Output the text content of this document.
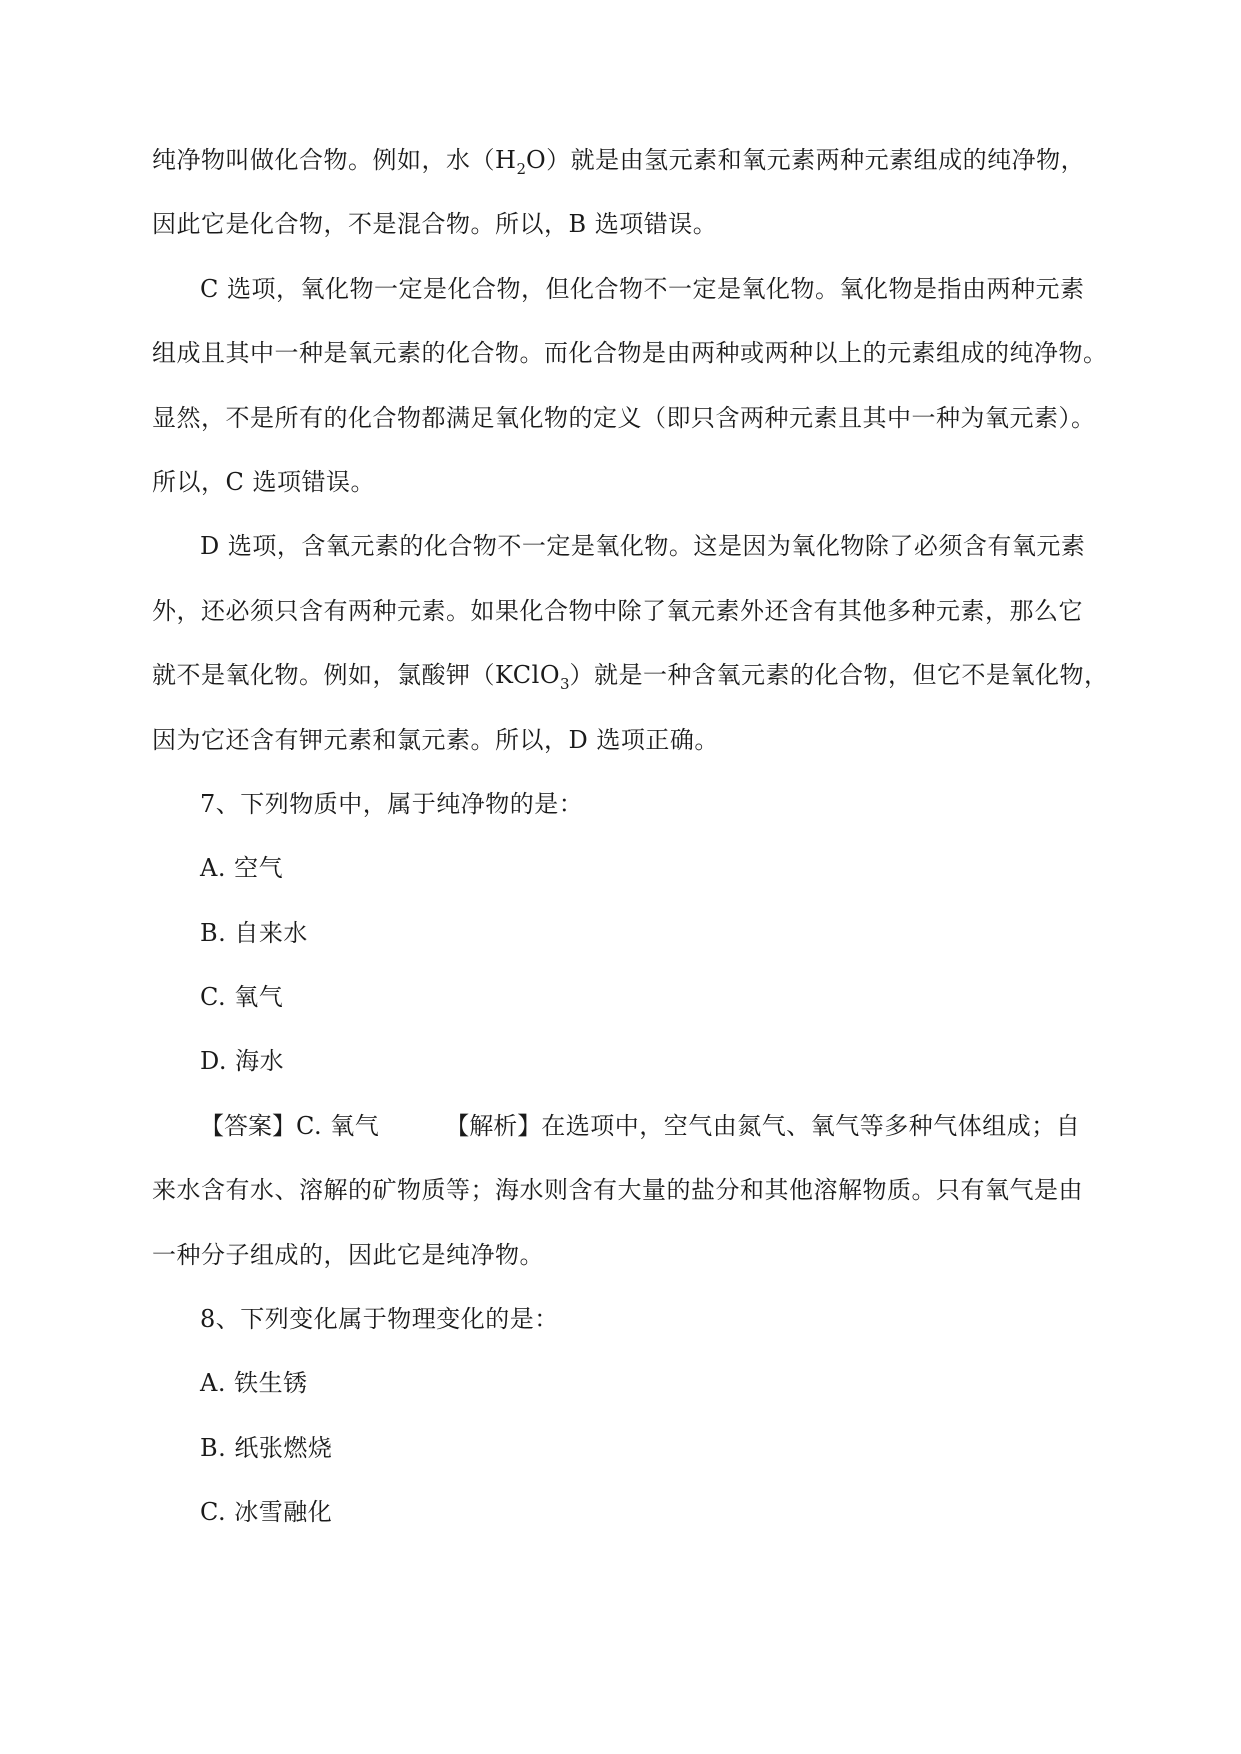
纯净物叫做化合物。例如，水$(H_2O)$就是由氢元素和氧元素两种元素组成的纯净物，
因此它是化合物，不是混合物。所以，B 选项错误。
C 选项，氧化物一定是化合物，但化合物不一定是氧化物。氧化物是指由两种元素
组成且其中一种是氧元素的化合物。而化合物是由两种或两种以上的元素组成的纯净物。
显然，不是所有的化合物都满足氧化物的定义（即只含两种元素且其中一种为氧元素）。
所以，C 选项错误。
D 选项，含氧元素的化合物不一定是氧化物。这是因为氧化物除了必须含有氧元素
外，还必须只含有两种元素。如果化合物中除了氧元素外还含有其他多种元素，那么它
就不是氧化物。例如，氯酸钾（KClO$_3$）就是一种含氧元素的化合物，但它不是氧化物，
因为它还含有钾元素和氯元素。所以，D 选项正确。
7、下列物质中，属于纯净物的是：
A. 空气
B. 自来水
C. 氧气
D. 海水
【答案】C. 氧气	【解析】在选项中，空气由氮气、氧气等多种气体组成；自
来水含有水、溶解的矿物质等；海水则含有大量的盐分和其他溶解物质。只有氧气是由
一种分子组成的，因此它是纯净物。
8、下列变化属于物理变化的是：
A. 铁生锈
B. 纸张燃烧
C. 冰雪融化
